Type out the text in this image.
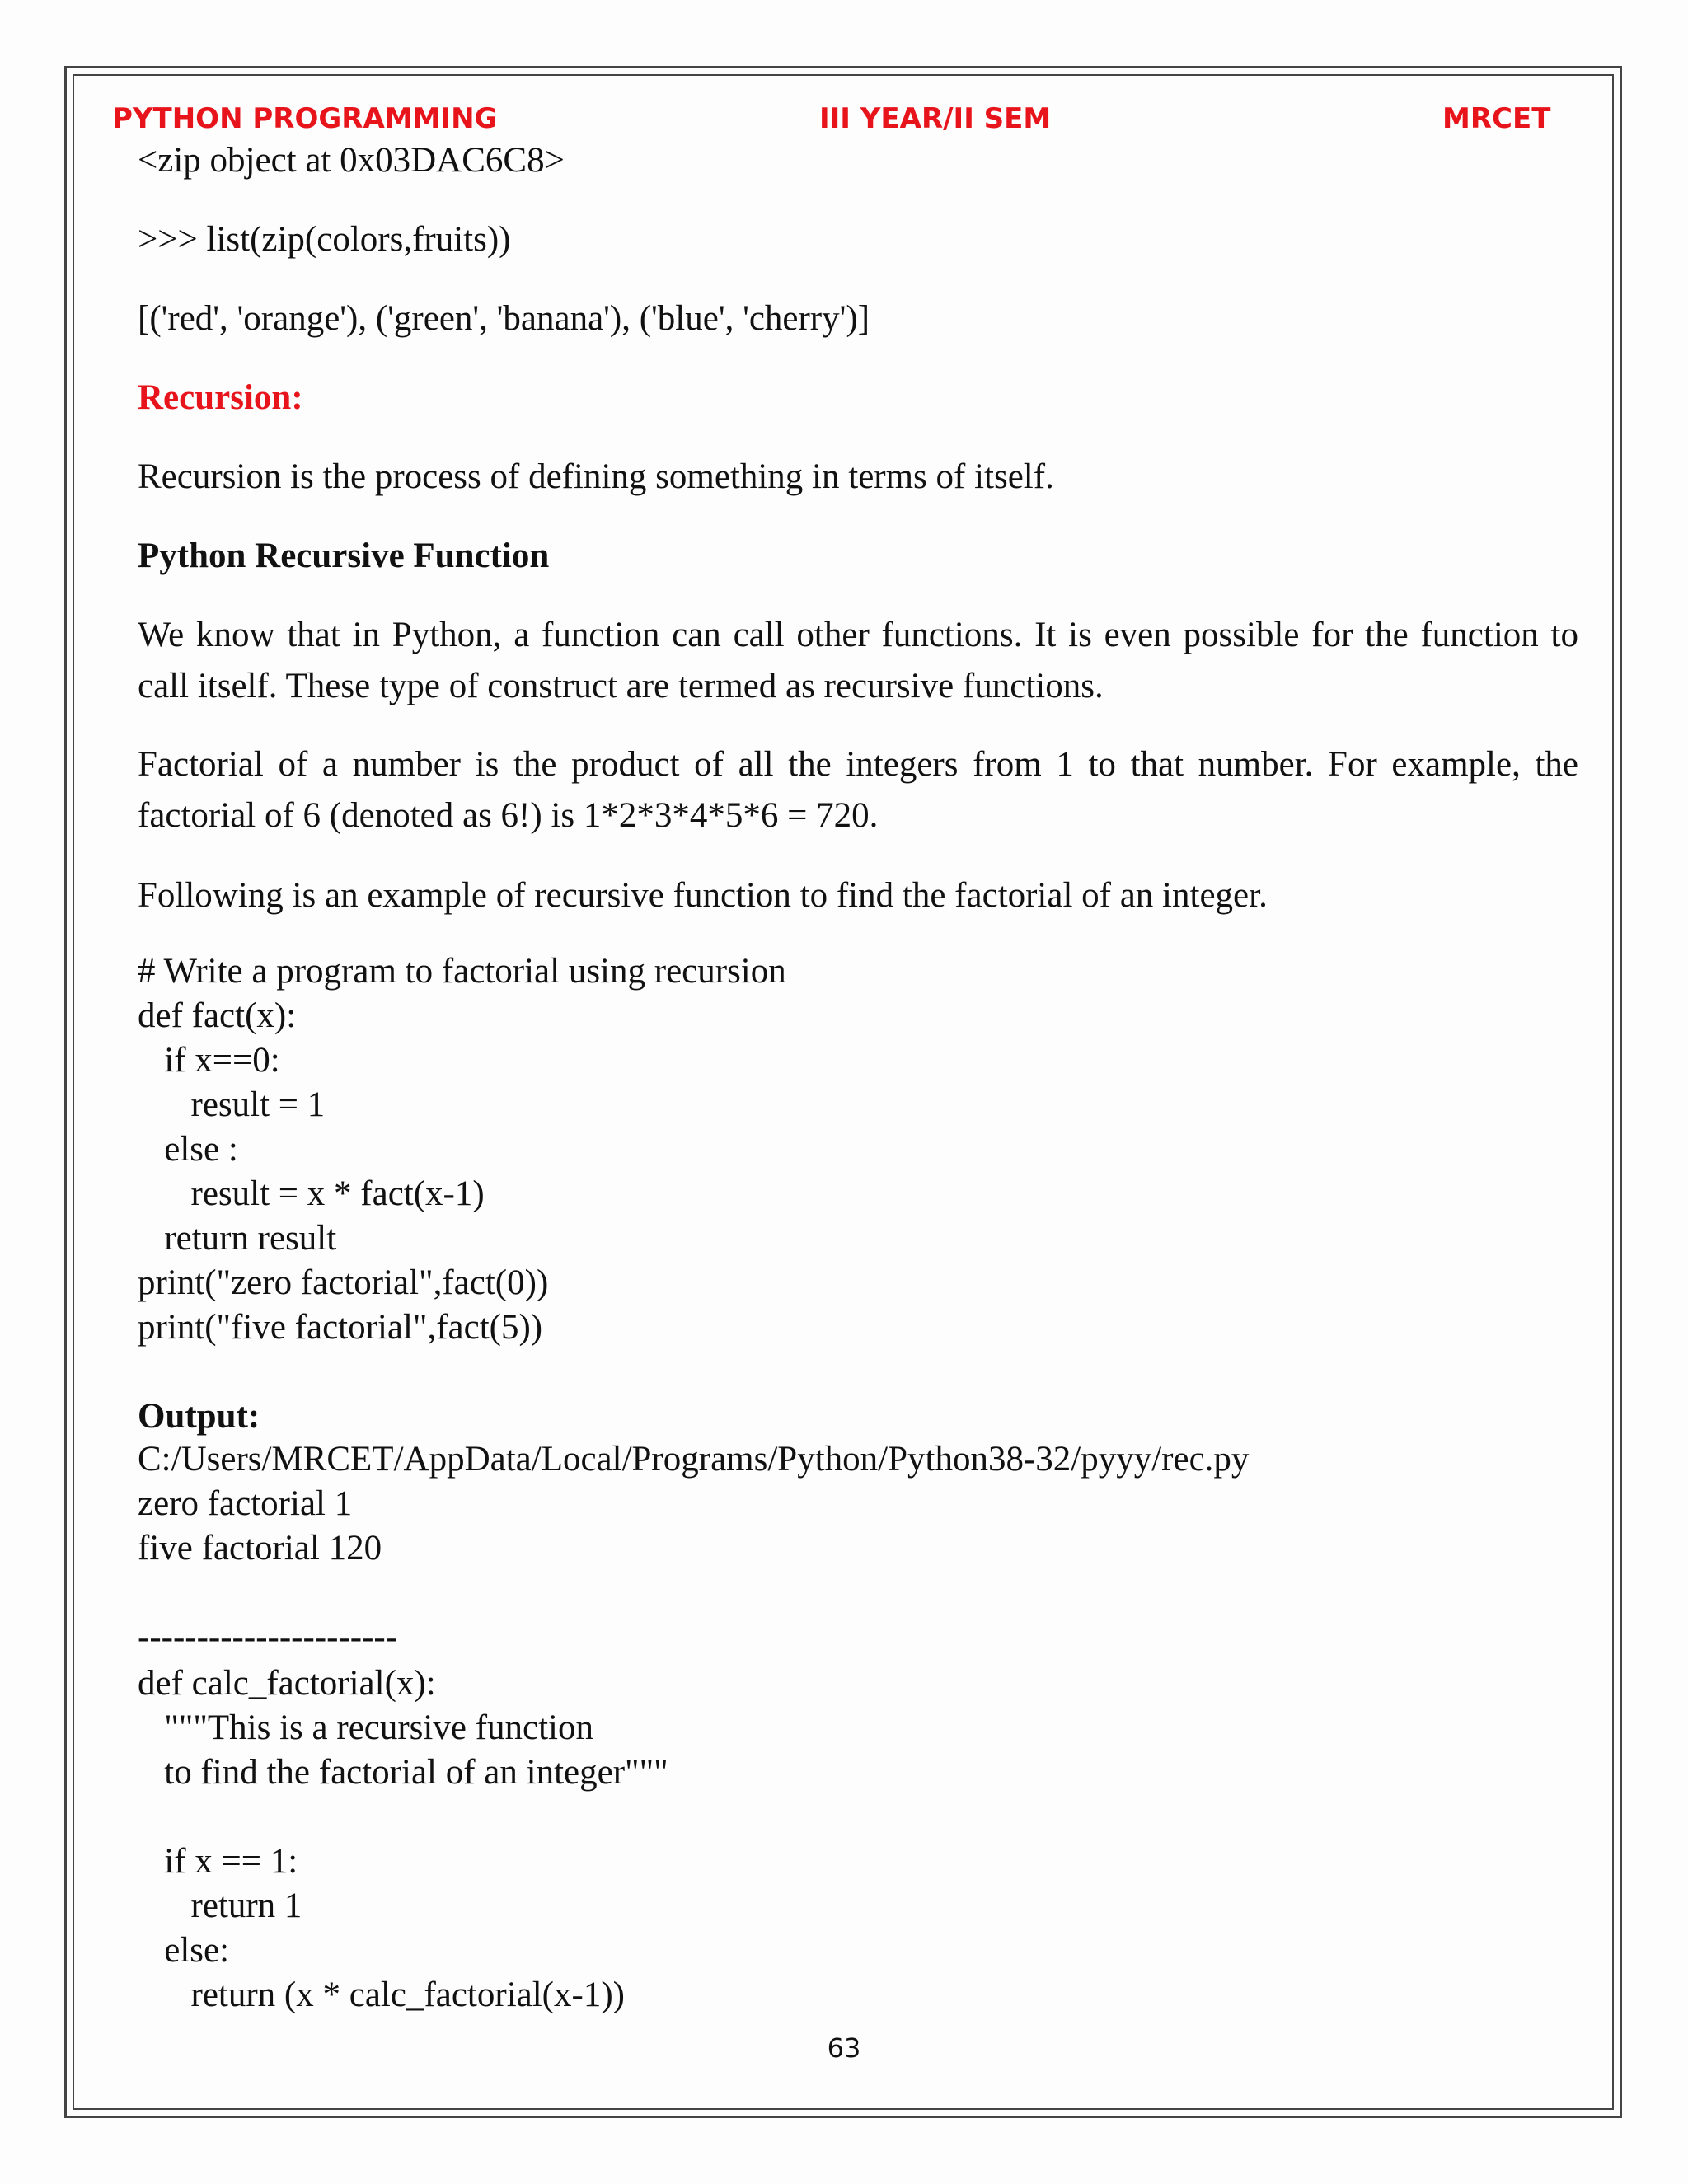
PYTHON PROGRAMMING	III YEAR/II SEM	MRCET
<zip object at 0x03DAC6C8>
>>> list(zip(colors,fruits))
[('red', 'orange'), ('green', 'banana'), ('blue', 'cherry')]
Recursion:
Recursion is the process of defining something in terms of itself.
Python Recursive Function
We know that in Python, a function can call other functions. It is even possible for the function to call itself. These type of construct are termed as recursive functions.
Factorial of a number is the product of all the integers from 1 to that number. For example, the factorial of 6 (denoted as 6!) is 1*2*3*4*5*6 = 720.
Following is an example of recursive function to find the factorial of an integer.
# Write a program to factorial using recursion
def fact(x):
if x==0:
result = 1
else :
result = x * fact(x-1)
return result
print("zero factorial",fact(0))
print("five factorial",fact(5))
Output:
C:/Users/MRCET/AppData/Local/Programs/Python/Python38-32/pyyy/rec.py
zero factorial 1
five factorial 120
----------------------
def calc_factorial(x):
"""This is a recursive function
to find the factorial of an integer"""

if x == 1:
return 1
else:
return (x * calc_factorial(x-1))
63
